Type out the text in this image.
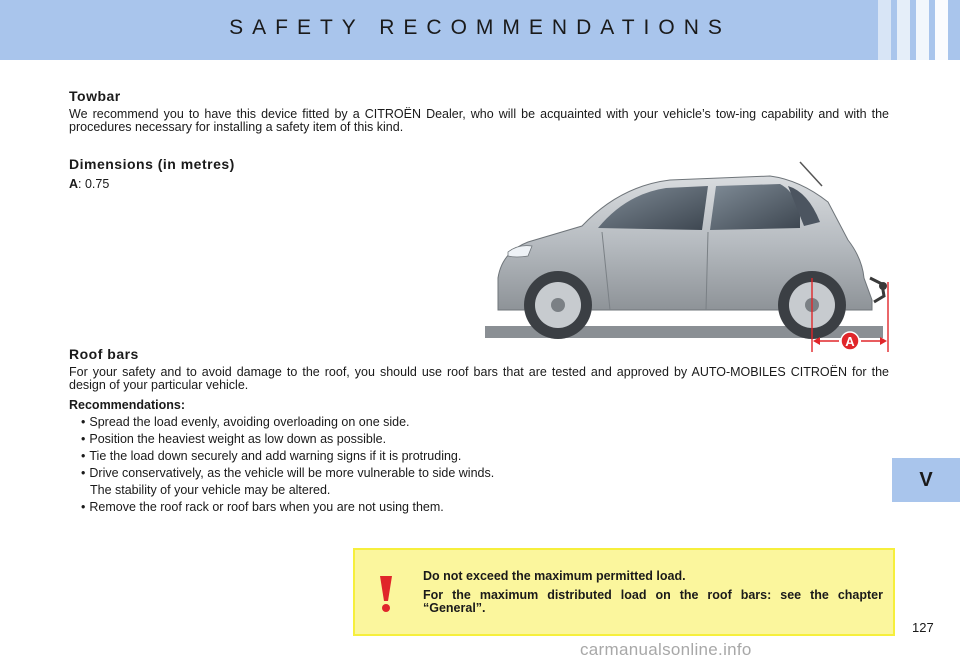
SAFETY RECOMMENDATIONS
V
Towbar

We recommend you to have this device fitted by a CITROËN Dealer, who will be acquainted with your vehicle’s tow-ing capability and with the procedures necessary for installing a safety item of this kind.

Dimensions (in metres)

A: 0.75

A
Roof bars

For your safety and to avoid damage to the roof, you should use roof bars that are tested and approved by AUTO-MOBILES CITROËN for the design of your particular vehicle.

Recommendations:

• Spread the load evenly, avoiding overloading on one side.
• Position the heaviest weight as low down as possible.
• Tie the load down securely and add warning signs if it is protruding.
• Drive conservatively, as the vehicle will be more vulnerable to side winds.
The stability of your vehicle may be altered.
• Remove the roof rack or roof bars when you are not using them.

Do not exceed the maximum permitted load.

For the maximum distributed load on the roof bars: see the chapter “General”.

127
carmanualsonline.info
